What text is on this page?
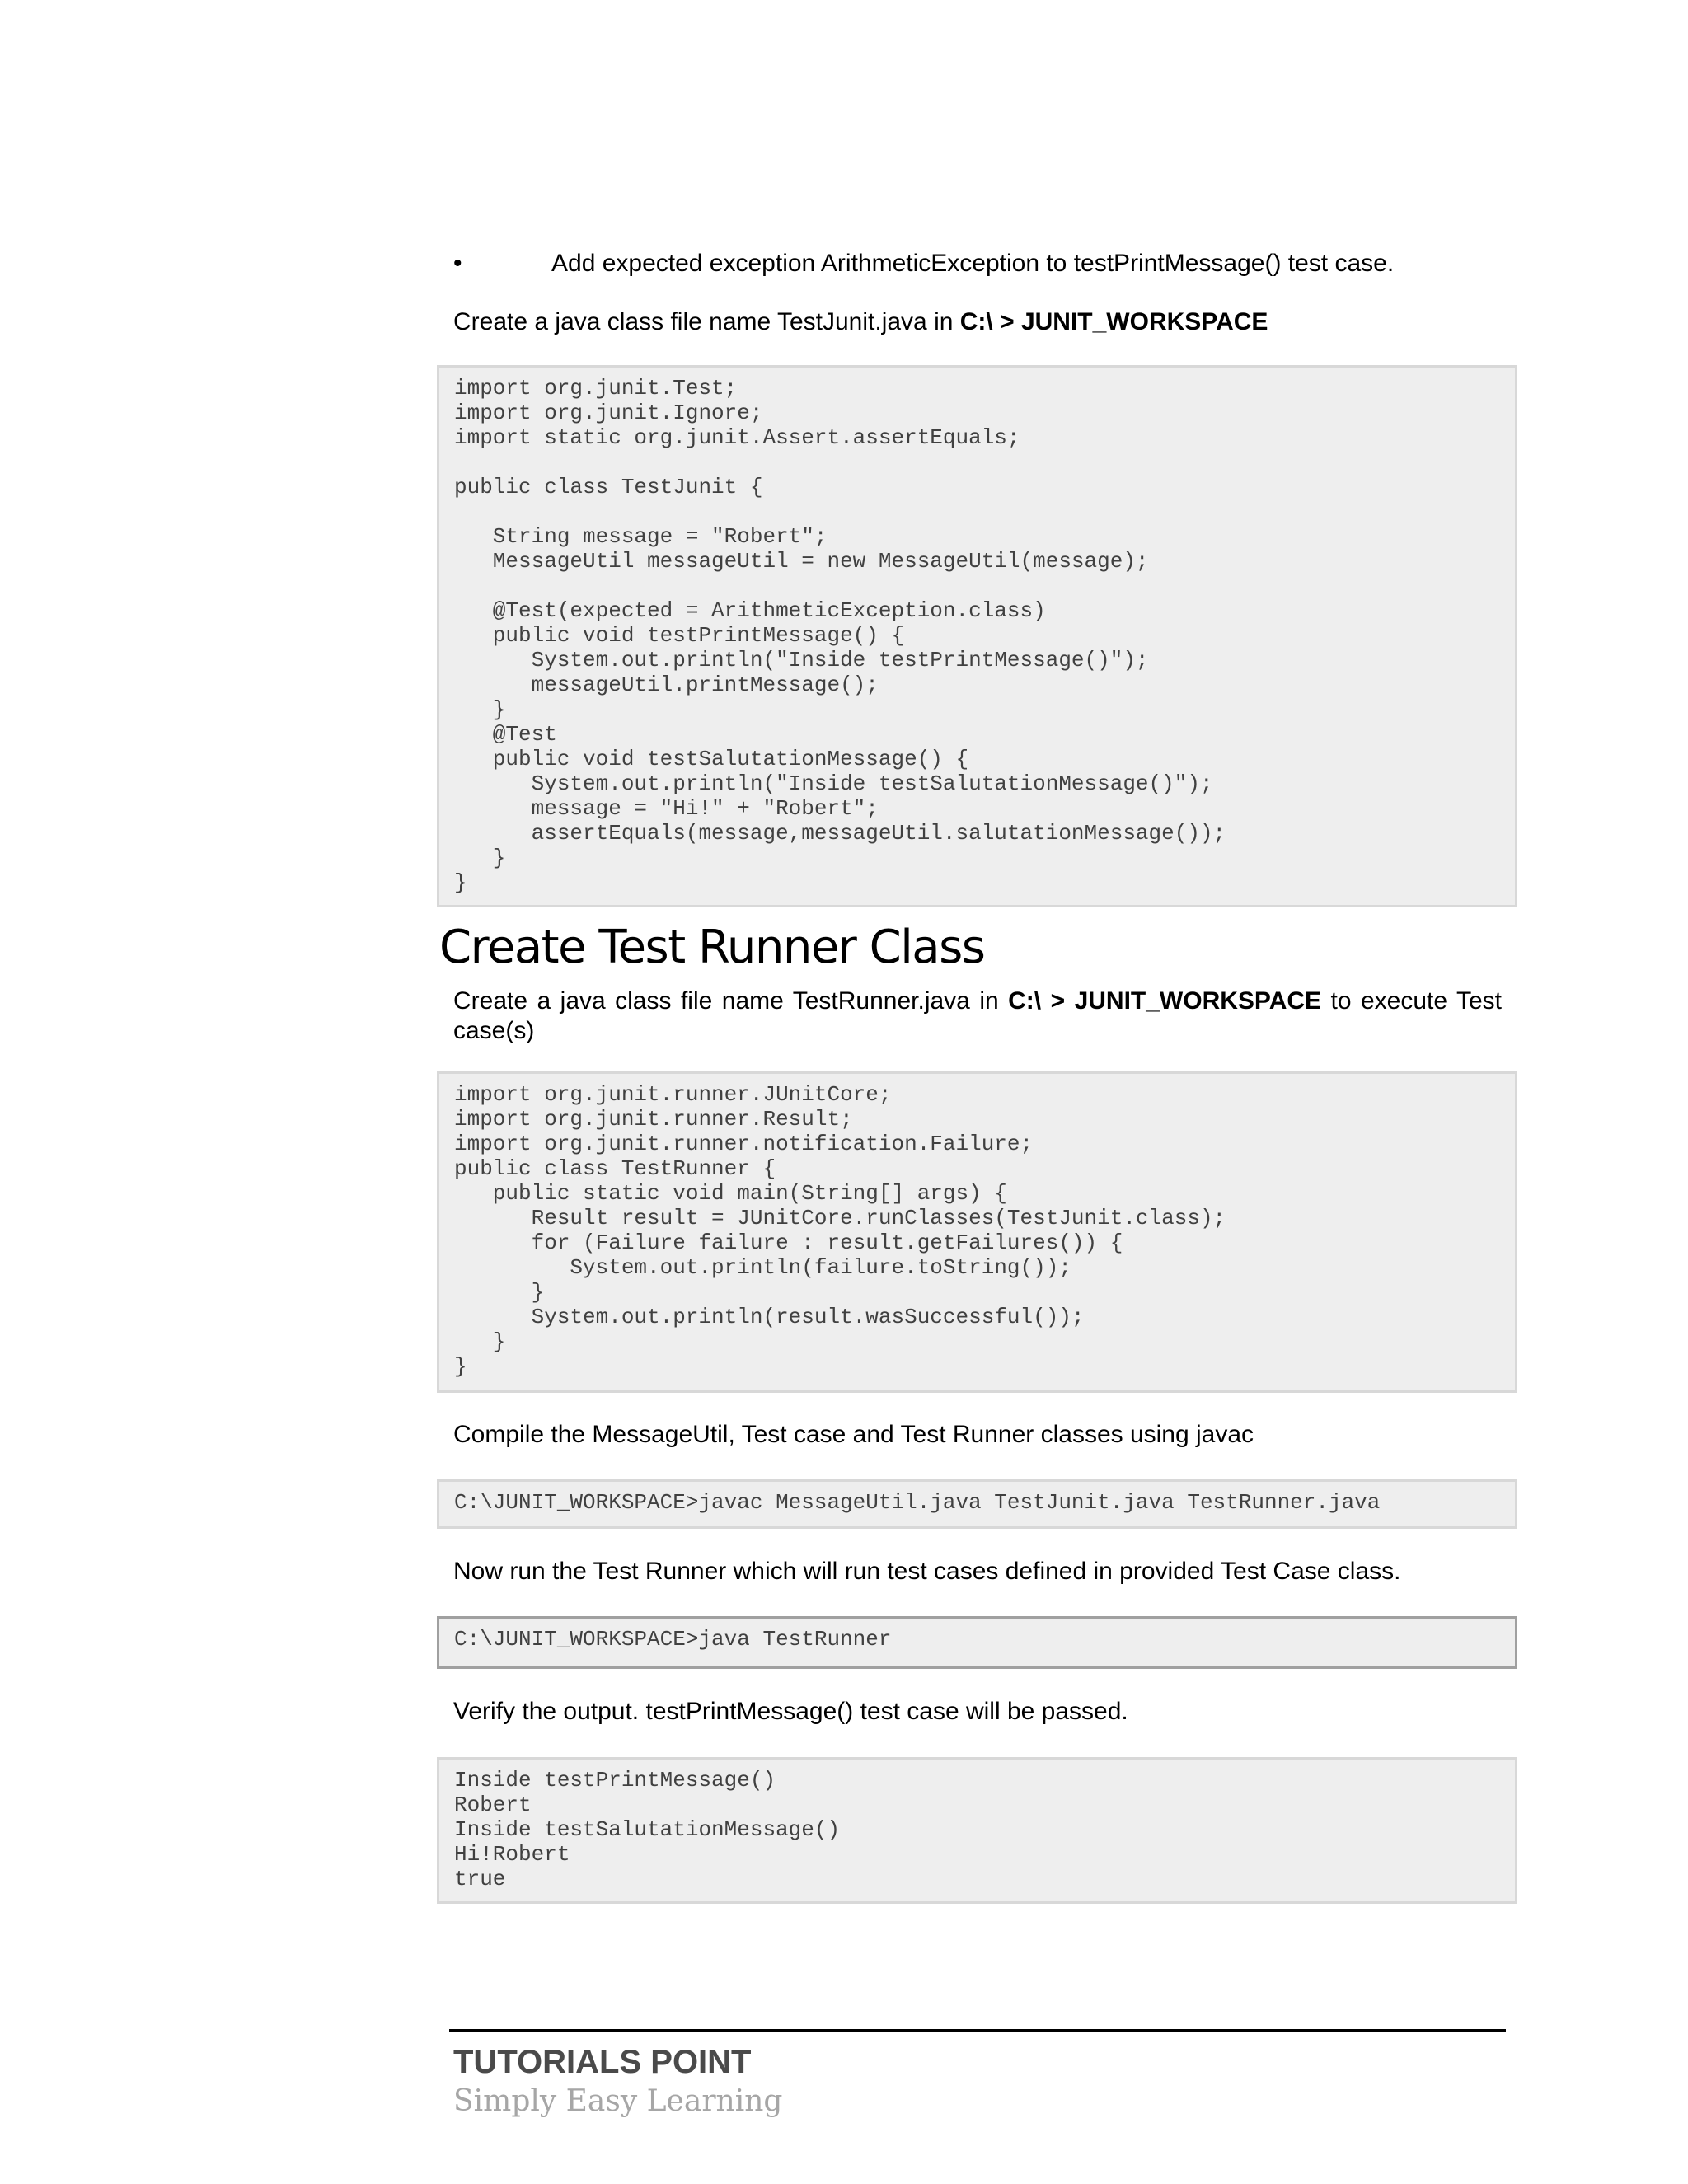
•	Add expected exception ArithmeticException to testPrintMessage() test case.
Create a java class file name TestJunit.java in C:\ > JUNIT_WORKSPACE
import org.junit.Test;
import org.junit.Ignore;
import static org.junit.Assert.assertEquals;

public class TestJunit {

String message = "Robert";
MessageUtil messageUtil = new MessageUtil(message);

@Test(expected = ArithmeticException.class)
public void testPrintMessage() {
System.out.println("Inside testPrintMessage()");
messageUtil.printMessage();
}
@Test
public void testSalutationMessage() {
System.out.println("Inside testSalutationMessage()");
message = "Hi!" + "Robert";
assertEquals(message,messageUtil.salutationMessage());
}
}
Create Test Runner Class
Create a java class file name TestRunner.java in C:\ > JUNIT_WORKSPACE to execute Test case(s)
import org.junit.runner.JUnitCore;
import org.junit.runner.Result;
import org.junit.runner.notification.Failure;
public class TestRunner {
public static void main(String[] args) {
Result result = JUnitCore.runClasses(TestJunit.class);
for (Failure failure : result.getFailures()) {
System.out.println(failure.toString());
}
System.out.println(result.wasSuccessful());
}
}
Compile the MessageUtil, Test case and Test Runner classes using javac
C:\JUNIT_WORKSPACE>javac MessageUtil.java TestJunit.java TestRunner.java
Now run the Test Runner which will run test cases defined in provided Test Case class.
C:\JUNIT_WORKSPACE>java TestRunner
Verify the output. testPrintMessage() test case will be passed.
Inside testPrintMessage()
Robert
Inside testSalutationMessage()
Hi!Robert
true
TUTORIALS POINT
Simply Easy Learning
